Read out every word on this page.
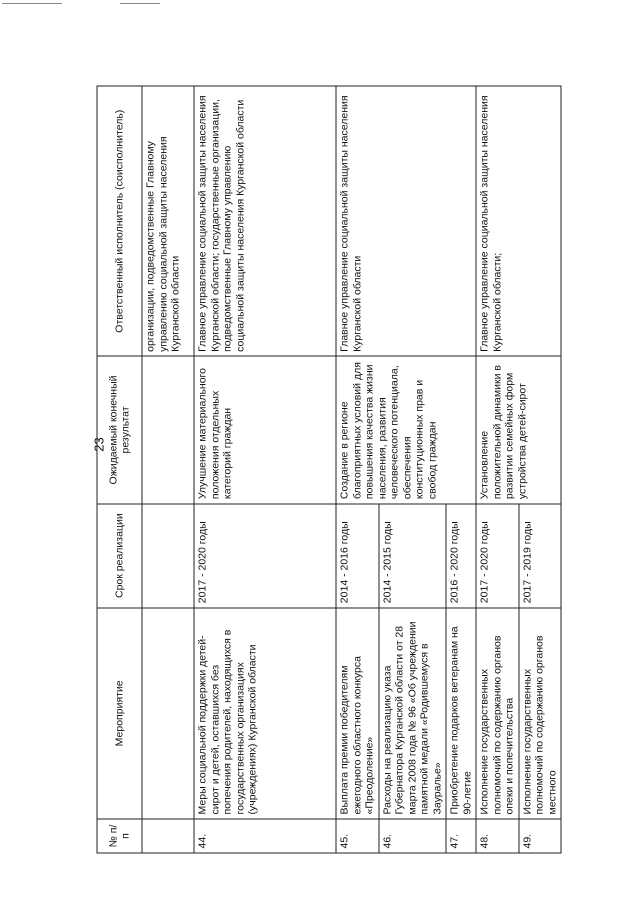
23
№ п/п	Мероприятие	Срок реализации	Ожидаемый конечный результат	Ответственный исполнитель (соисполнитель)
				организации, подведомственные Главному управлению социальной защиты населения Курганской области
44.	Меры социальной поддержки детей-сирот и детей, оставшихся без попечения родителей, находящихся в государственных организациях (учреждениях) Курганской области	2017 - 2020 годы	Улучшение материального положения отдельных категорий граждан	Главное управление социальной защиты населения Курганской области; государственные организации, подведомственные Главному управлению социальной защиты населения Курганской области
45.	Выплата премии победителям ежегодного областного конкурса «Преодоление»	2014 - 2016 годы	Создание в регионе благоприятных условий для повышения качества жизни населения, развития человеческого потенциала, обеспечения конституционных прав и свобод граждан	Главное управление социальной защиты населения Курганской области
46.	Расходы на реализацию указа Губернатора Курганской области от 28 марта 2008 года № 96 «Об учреждении памятной медали «Родившемуся в Зауралье»	2014 - 2015 годы		
47.	Приобретение подарков ветеранам на 90-летие	2016 - 2020 годы		
48.	Исполнение государственных полномочий по содержанию органов опеки и попечительства	2017 - 2020 годы	Установление положительной динамики в развитии семейных форм устройства детей-сирот	Главное управление социальной защиты населения Курганской области;
49.	Исполнение государственных полномочий по содержанию органов местного	2017 - 2019 годы		
